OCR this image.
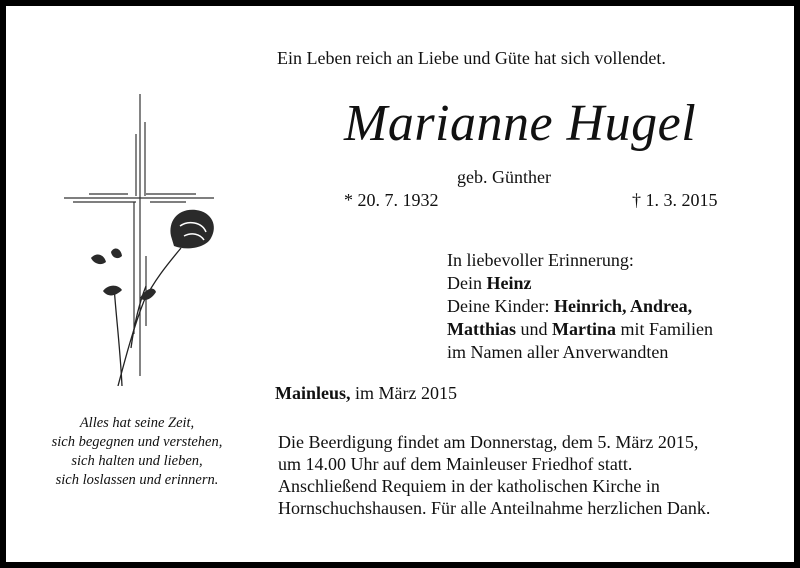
Ein Leben reich an Liebe und Güte hat sich vollendet.
Marianne Hugel
geb. Günther
* 20. 7. 1932	† 1. 3. 2015
In liebevoller Erinnerung:
Dein Heinz
Deine Kinder: Heinrich, Andrea,
Matthias und Martina mit Familien
im Namen aller Anverwandten
Mainleus, im März 2015
Die Beerdigung findet am Donnerstag, dem 5. März 2015,
um 14.00 Uhr auf dem Mainleuser Friedhof statt.
Anschließend Requiem in der katholischen Kirche in
Hornschuchshausen. Für alle Anteilnahme herzlichen Dank.
Alles hat seine Zeit,
sich begegnen und verstehen,
sich halten und lieben,
sich loslassen und erinnern.
